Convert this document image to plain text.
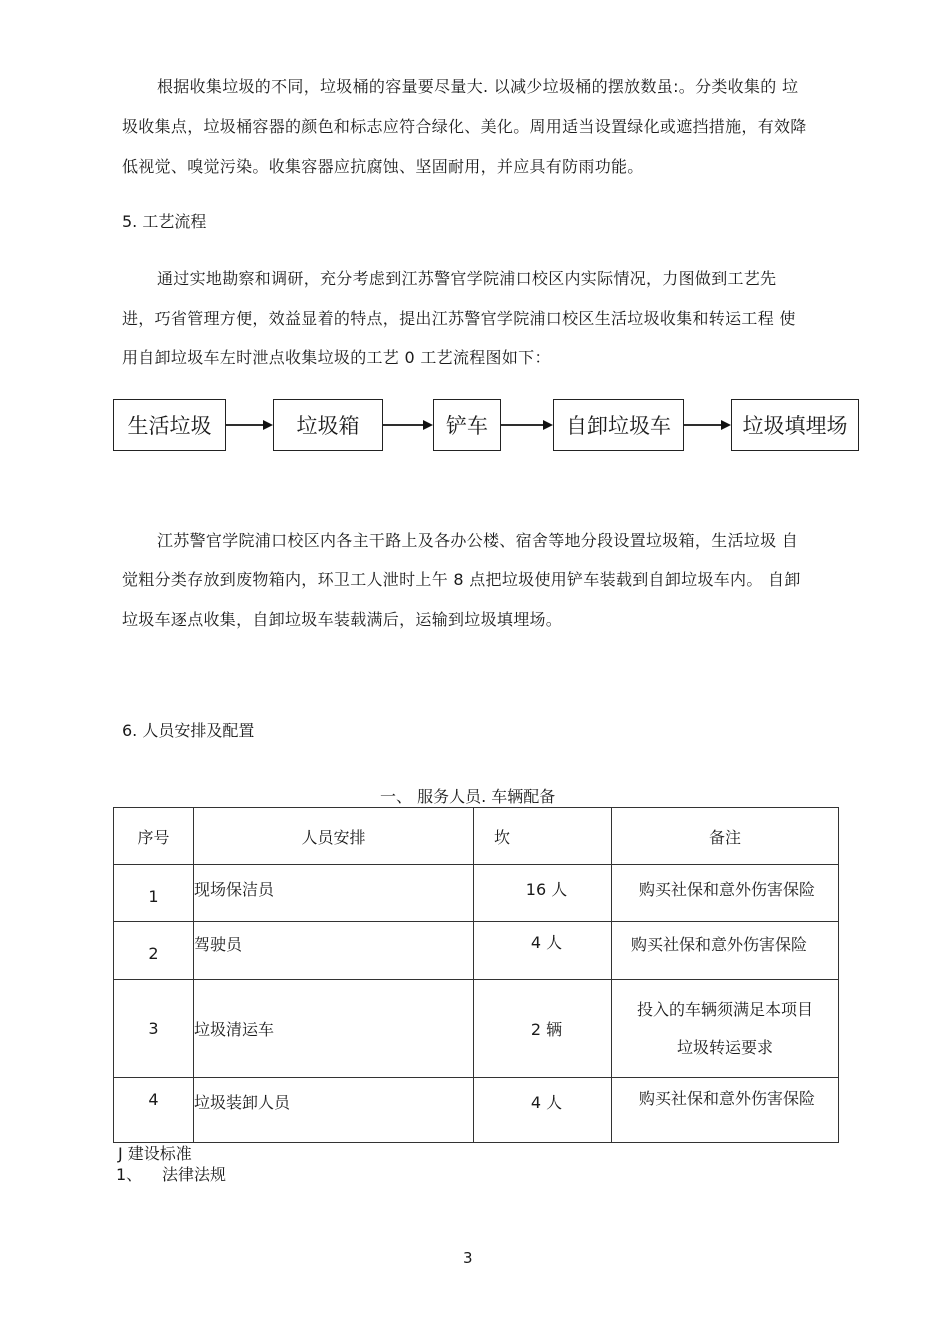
根据收集垃圾的不同，垃圾桶的容量要尽量大. 以减少垃圾桶的摆放数虽:。分类收集的 垃
圾收集点，垃圾桶容器的颜色和标志应符合绿化、美化。周用适当设置绿化或遮挡措施，有效降
低视觉、嗅觉污染。收集容器应抗腐蚀、坚固耐用，并应具有防雨功能。
5. 工艺流程
通过实地勘察和调研，充分考虑到江苏警官学院浦口校区内实际情况，力图做到工艺先
进，巧省管理方便，效益显着的特点，提出江苏警官学院浦口校区生活垃圾收集和转运工程 使
用自卸垃圾车左时泄点收集垃圾的工艺 0 工艺流程图如下：
生活垃圾	垃圾箱	铲车	自卸垃圾车	垃圾填埋场
江苏警官学院浦口校区内各主干路上及各办公楼、宿舍等地分段设置垃圾箱，生活垃圾 自
觉粗分类存放到废物箱内，环卫工人泄时上午 8 点把垃圾使用铲车装载到自卸垃圾车内。 自卸
垃圾车逐点收集，自卸垃圾车装载满后，运输到垃圾填埋场。
6. 人员安排及配置
一、 服务人员. 车辆配备
序号	人员安排	坎	备注
1	现场保洁员	16 人	购买社保和意外伤害保险
2	驾驶员	4 人	购买社保和意外伤害保险
3	垃圾清运车	2 辆	投入的车辆须满足本项目
垃圾转运要求

4	垃圾装卸人员	4 人	购买社保和意外伤害保险
J 建设标准
1、 法律法规
3
